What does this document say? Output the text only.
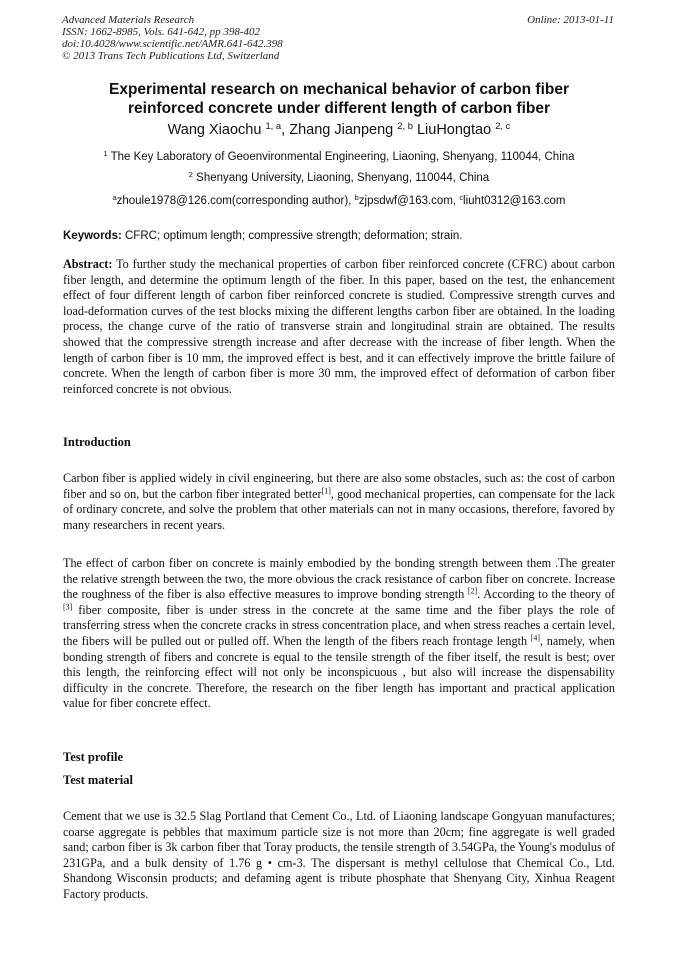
Advanced Materials Research
ISSN: 1662-8985, Vols. 641-642, pp 398-402
doi:10.4028/www.scientific.net/AMR.641-642.398
© 2013 Trans Tech Publications Ltd, Switzerland
Online: 2013-01-11
Experimental research on mechanical behavior of carbon fiber
reinforced concrete under different length of carbon fiber
Wang Xiaochu $^{1, a}$, Zhang Jianpeng $^{2, b}$ LiuHongtao $^{2, c}$
$^1$ The Key Laboratory of Geoenvironmental Engineering, Liaoning, Shenyang, 110044, China
$^2$ Shenyang University, Liaoning, Shenyang, 110044, China
$^a$zhoule1978@126.com(corresponding author), $^b$zjpsdwf@163.com, $^c$liuht0312@163.com
Keywords: CFRC; optimum length; compressive strength; deformation; strain.
Abstract: To further study the mechanical properties of carbon fiber reinforced concrete (CFRC) about carbon fiber length, and determine the optimum length of the fiber. In this paper, based on the test, the enhancement effect of four different length of carbon fiber reinforced concrete is studied. Compressive strength curves and load-deformation curves of the test blocks mixing the different lengths carbon fiber are obtained. In the loading process, the change curve of the ratio of transverse strain and longitudinal strain are obtained. The results showed that the compressive strength increase and after decrease with the increase of fiber length. When the length of carbon fiber is 10 mm, the improved effect is best, and it can effectively improve the brittle failure of concrete. When the length of carbon fiber is more 30 mm, the improved effect of deformation of carbon fiber reinforced concrete is not obvious.
Introduction
Carbon fiber is applied widely in civil engineering, but there are also some obstacles, such as: the cost of carbon fiber and so on, but the carbon fiber integrated better[1], good mechanical properties, can compensate for the lack of ordinary concrete, and solve the problem that other materials can not in many occasions, therefore, favored by many researchers in recent years.
The effect of carbon fiber on concrete is mainly embodied by the bonding strength between them .The greater the relative strength between the two, the more obvious the crack resistance of carbon fiber on concrete. Increase the roughness of the fiber is also effective measures to improve bonding strength [2]. According to the theory of [3] fiber composite, fiber is under stress in the concrete at the same time and the fiber plays the role of transferring stress when the concrete cracks in stress concentration place, and when stress reaches a certain level, the fibers will be pulled out or pulled off. When the length of the fibers reach frontage length [4], namely, when bonding strength of fibers and concrete is equal to the tensile strength of the fiber itself, the result is best; over this length, the reinforcing effect will not only be inconspicuous , but also will increase the dispensability difficulty in the concrete. Therefore, the research on the fiber length has important and practical application value for fiber concrete effect.
Test profile
Test material
Cement that we use is 32.5 Slag Portland that Cement Co., Ltd. of Liaoning landscape Gongyuan manufactures; coarse aggregate is pebbles that maximum particle size is not more than 20cm; fine aggregate is well graded sand; carbon fiber is 3k carbon fiber that Toray products, the tensile strength of 3.54GPa, the Young's modulus of 231GPa, and a bulk density of 1.76 g • cm-3. The dispersant is methyl cellulose that Chemical Co., Ltd. Shandong Wisconsin products; and defaming agent is tribute phosphate that Shenyang City, Xinhua Reagent Factory products.
